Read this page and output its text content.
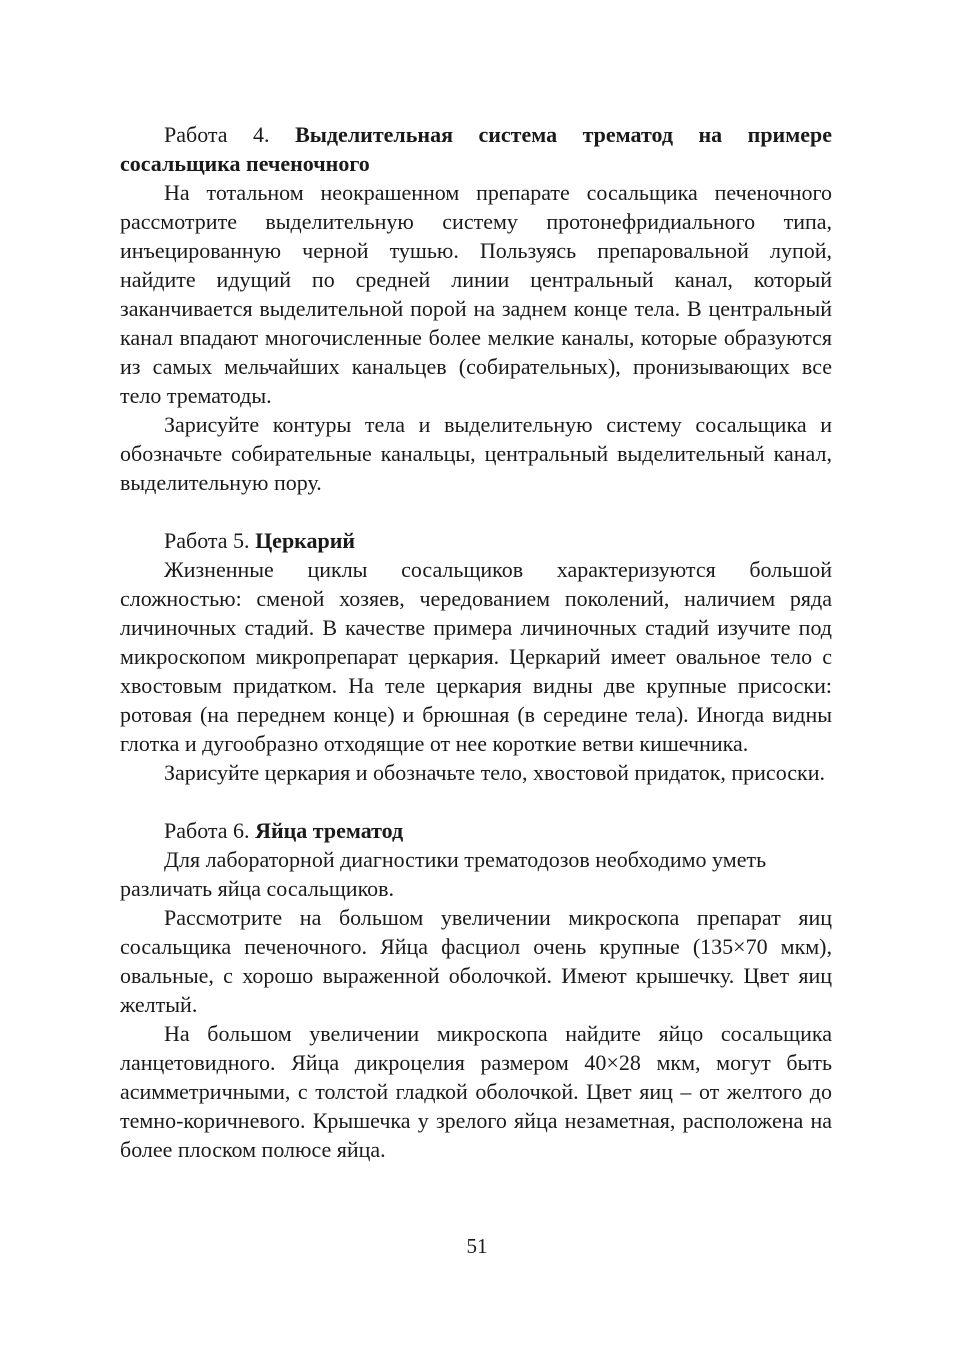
Работа 4. Выделительная система трематод на примере сосальщика печеночного

На тотальном неокрашенном препарате сосальщика печеночного рассмотрите выделительную систему протонефридиального типа, инъецированную черной тушью. Пользуясь препаровальной лупой, найдите идущий по средней линии центральный канал, который заканчивается выделительной порой на заднем конце тела. В центральный канал впадают многочисленные более мелкие каналы, которые образуются из самых мельчайших канальцев (собирательных), пронизывающих все тело трематоды.

Зарисуйте контуры тела и выделительную систему сосальщика и обозначьте собирательные канальцы, центральный выделительный канал, выделительную пору.

Работа 5. Церкарий

Жизненные циклы сосальщиков характеризуются большой сложностью: сменой хозяев, чередованием поколений, наличием ряда личиночных стадий. В качестве примера личиночных стадий изучите под микроскопом микропрепарат церкария. Церкарий имеет овальное тело с хвостовым придатком. На теле церкария видны две крупные присоски: ротовая (на переднем конце) и брюшная (в середине тела). Иногда видны глотка и дугообразно отходящие от нее короткие ветви кишечника.

Зарисуйте церкария и обозначьте тело, хвостовой придаток, присоски.

Работа 6. Яйца трематод

Для лабораторной диагностики трематодозов необходимо уметь различать яйца сосальщиков.

Рассмотрите на большом увеличении микроскопа препарат яиц сосальщика печеночного. Яйца фасциол очень крупные (135×70 мкм), овальные, с хорошо выраженной оболочкой. Имеют крышечку. Цвет яиц желтый.

На большом увеличении микроскопа найдите яйцо сосальщика ланцетовидного. Яйца дикроцелия размером 40×28 мкм, могут быть асимметричными, с толстой гладкой оболочкой. Цвет яиц – от желтого до темно-коричневого. Крышечка у зрелого яйца незаметная, расположена на более плоском полюсе яйца.

51
